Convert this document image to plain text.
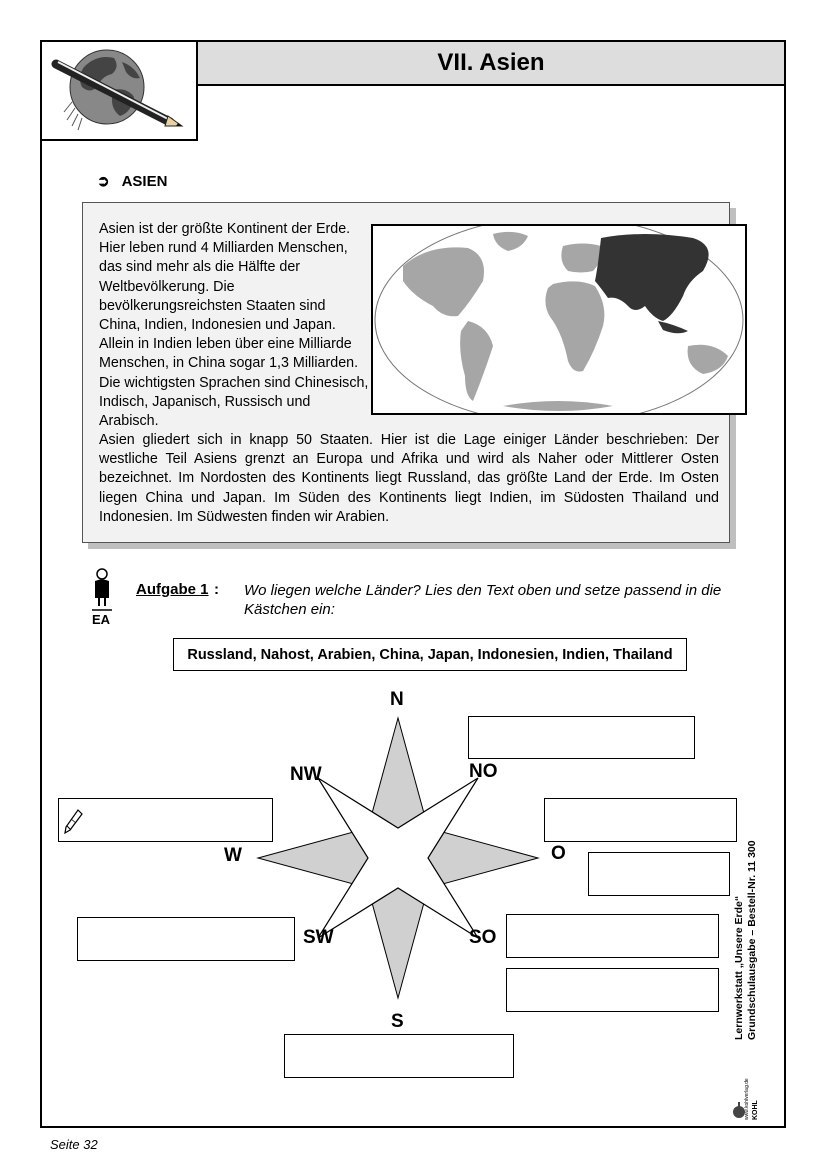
VII. Asien
➲ ASIEN
Asien ist der größte Kontinent der Erde. Hier leben rund 4 Milliarden Menschen, das sind mehr als die Hälfte der Weltbevölkerung. Die bevölkerungsreichsten Staaten sind China, Indien, Indonesien und Japan. Allein in Indien leben über eine Milliarde Menschen, in China sogar 1,3 Milliarden. Die wichtigsten Sprachen sind Chinesisch, Indisch, Japanisch, Russisch und Arabisch.
Asien gliedert sich in knapp 50 Staaten. Hier ist die Lage einiger Länder beschrieben: Der westliche Teil Asiens grenzt an Europa und Afrika und wird als Naher oder Mittlerer Osten bezeichnet. Im Nordosten des Kontinents liegt Russland, das größte Land der Erde. Im Osten liegen China und Japan. Im Süden des Kontinents liegt Indien, im Südosten Thailand und Indonesien. Im Südwesten finden wir Arabien.
EA
Aufgabe 1 : Wo liegen welche Länder? Lies den Text oben und setze passend in die Kästchen ein:
Russland, Nahost, Arabien, China, Japan, Indonesien, Indien, Thailand
N
NO
O
SO
S
SW
W
NW
Lernwerkstatt „Unsere Erde“ Grundschulausgabe – Bestell-Nr. 11 300
KOHL
www.kohlverlag.de
Seite 32
